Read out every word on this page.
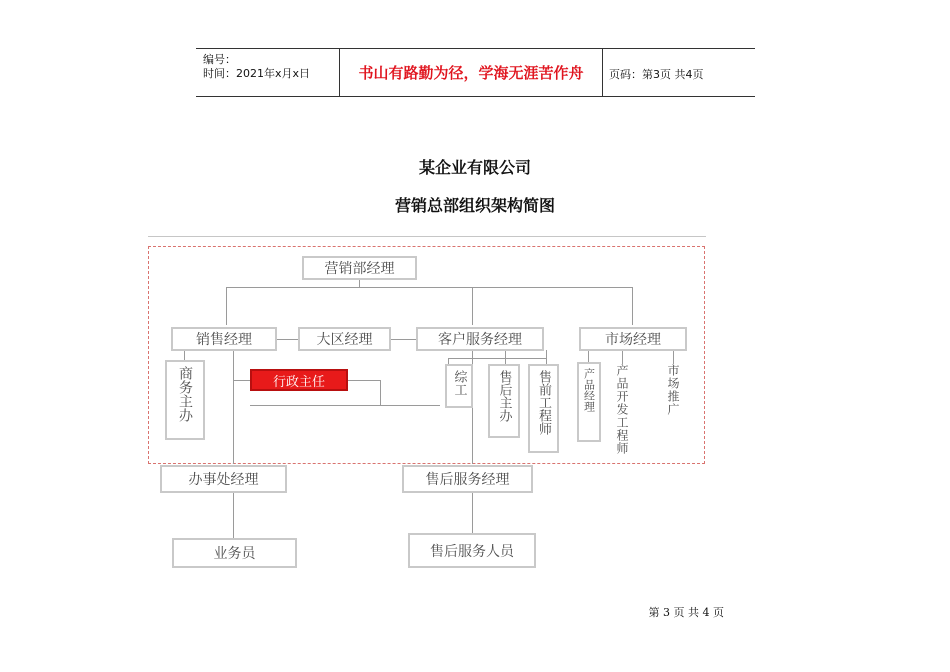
编号：
时间：2021年x月x日	书山有路勤为径，学海无涯苦作舟	页码：第3页 共4页
某企业有限公司
营销总部组织架构简图
营销部经理
销售经理	大区经理	客户服务经理	市场经理
商务主办	行政主任	综工	售后主办	售前工程师	产品经理	产品开发工程师	市场推广
办事处经理	售后服务经理
业务员	售后服务人员
第 3 页 共 4 页
